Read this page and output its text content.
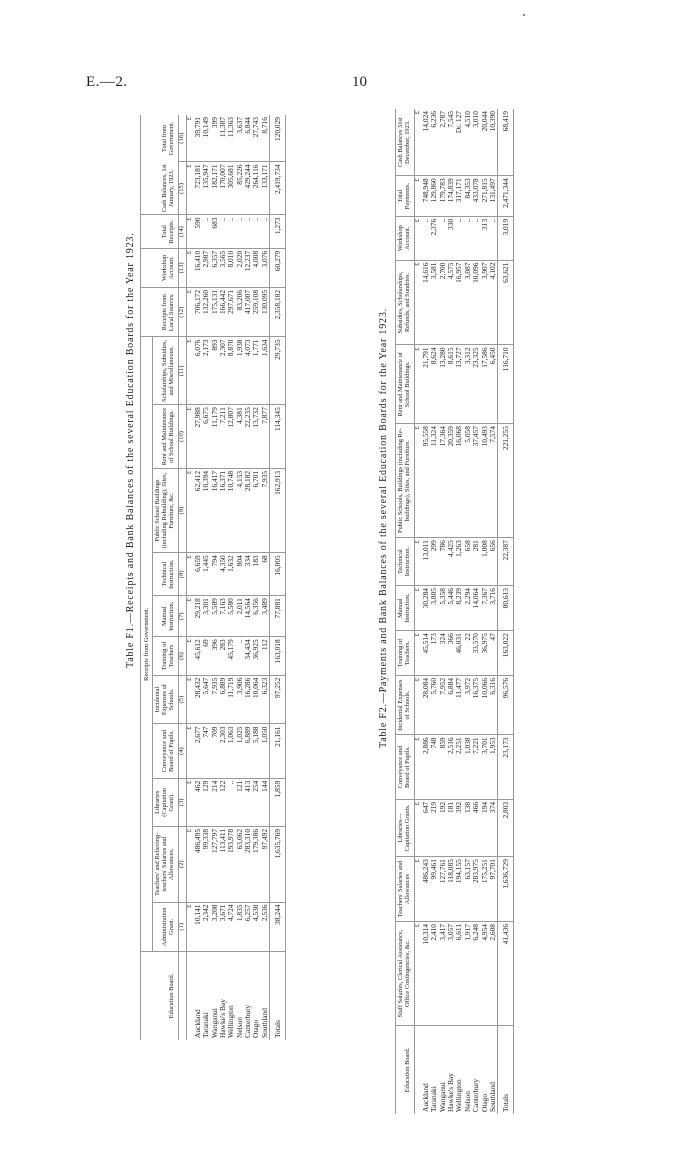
E.—2.	10
Table F1.—Receipts and Bank Balances of the several Education Boards for the Year 1923.
Education Board.	Receipts from Government.											Receipts from Local Sources.	Workshop Account.	Total Receipts.	Cash Balances, 1st January, 1923.	
	Administration Grant.	Teachers' and Relieving-teachers' Salaries and Allowances.	Libraries (Capitation Grant).	Conveyance and Board of Pupils.	Incidental Expenses of Schools.	Training of Teachers	Manual Instruction.	Technical Instruction.	Public School Buildings (including Rebuilding), Sites, Furniture, &c.	Rent and Maintenance of School Buildings.	Scholarships, Subsidies, and Miscellaneous.					Total from Government.
	(1)	(2)	(3)	(4)	(5)	(6)	(7)	(8)	(9)	(10)	(11)	(12)	(13)	(14)	(15)	(16)
	£	£	£	£	£	£	£	£	£	£	£	£	£	£	£	£
Auckland	10,141	486,495	462	2,677	28,432	45,612	29,218	6,659	62,412	27,988	6,076	706,172	16,410	590	723,181	39,791
Taranaki	2,342	99,338	129	747	5,647	69	3,301	1,445	10,394	6,675	2,173	132,260	2,987	..	135,947	10,149
Wanganui	3,208	127,797	214	709	7,935	396	5,589	794	16,417	11,179	893	175,131	6,357	683	182,171	399
Hawke's Bay	3,671	113,411	122	2,303	6,889	283	7,163	4,350	16,371	7,211	2,307	166,442	3,565	..	170,007	11,387
Wellington	4,724	193,978	..	1,063	11,719	45,179	5,580	1,632	10,748	12,807	8,870	297,671	8,010	..	305,681	11,363
Nelson	1,835	63,062	121	1,025	3,906	..	2,011	804	4,153	4,381	1,938	83,206	2,020	..	85,226	3,637
Canterbury	6,257	283,310	413	6,889	16,286	34,434	14,564	334	28,182	22,235	4,073	417,007	12,237	..	429,244	6,844
Otago	4,530	179,386	254	5,188	10,064	36,925	6,356	183	6,701	13,732	1,771	259,108	4,008	..	264,116	27,743
Southland	2,536	97,492	144	1,050	6,323	112	3,489	68	7,935	7,877	1,634	130,095	3,076	..	133,171	8,716
Totals	38,244	1,635,769	1,859	21,161	97,252	163,018	77,881	16,005	162,913	114,345	29,735	2,358,182	60,279	1,273	2,419,734	120,029
Table F2.—Payments and Bank Balances of the several Education Boards for the Year 1923.
Education Board.	Staff Salaries, Clerical Assistance, Office Contingencies, &c.	Teachers' Salaries and Allowances	Libraries—Capitation Grants.	Conveyance and Board of Pupils.	Incidental Expenses of Schools.	Training of Teachers.	Manual Instruction.	Technical Instruction.	Public Schools, Buildings (including Re-buildings), Sites, and Furniture.	Rent and Maintenance of School Buildings.	Subsidies, Scholarships, Refunds, and Sundries.	Workshop Account.	Total Payments.	Cash Balances 31st December, 1923.
	£	£	£	£	£	£	£	£	£	£	£	£	£	£
Auckland	10,314	486,243	647	2,886	28,084	45,514	30,284	13,011	95,558	21,791	14,616	..	748,948	14,024
Taranaki	2,410	99,461	219	748	5,760	173	3,805	299	11,324	8,624	3,581	2,376	129,860	6,236
Wanganui	3,417	127,761	192	859	7,952	324	5,358	786	17,364	13,280	2,700	..	179,783	2,787
Hawke's Bay	3,057	118,085	181	2,516	6,884	366	5,446	4,425	20,359	8,615	4,575	330	174,839	7,545
Wellington	6,611	194,155	392	2,251	11,477	46,031	8,239	1,263	16,068	13,727	16,957	..	317,171	Dr. 127
Nelson	1,917	63,157	138	1,038	3,972	22	2,294	658	5,058	3,312	3,087	..	84,353	4,510
Canterbury	6,248	283,975	466	7,221	16,375	33,570	14,064	281	37,457	23,325	10,096	..	433,078	3,010
Otago	4,954	175,251	194	3,701	10,066	36,975	7,367	1,008	10,493	17,586	3,907	313	271,815	20,044
Southland	2,608	97,701	374	1,953	6,316	47	3,716	656	7,574	6,450	4,102	..	131,497	10,390
Totals	41,436	1,636,729	2,803	23,173	96,576	163,022	80,613	22,387	221,255	116,710	63,621	3,019	2,471,344	68,419
